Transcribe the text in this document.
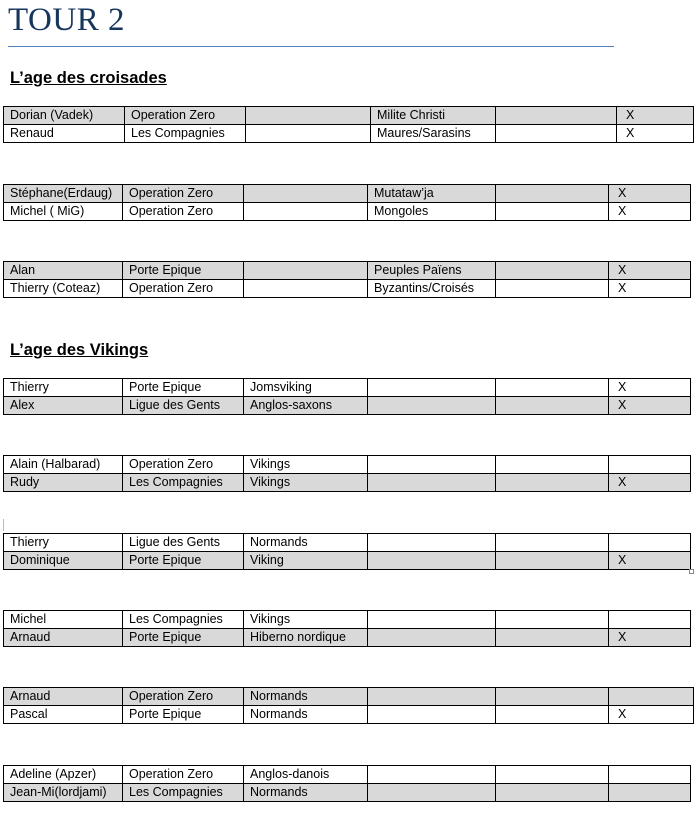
TOUR 2
L’age des croisades
L’age des Vikings
Dorian (Vadek)	Operation Zero		Milite Christi		X
Renaud	Les Compagnies		Maures/Sarasins		X
Stéphane(Erdaug)	Operation Zero		Mutataw’ja		X
Michel ( MiG)	Operation Zero		Mongoles		X
Alan	Porte Epique		Peuples Païens		X
Thierry (Coteaz)	Operation Zero		Byzantins/Croisés		X
Thierry	Porte Epique	Jomsviking			X
Alex	Ligue des Gents	Anglos-saxons			X
Alain (Halbarad)	Operation Zero	Vikings			
Rudy	Les Compagnies	Vikings			X
Thierry	Ligue des Gents	Normands			
Dominique	Porte Epique	Viking			X
Michel	Les Compagnies	Vikings			
Arnaud	Porte Epique	Hiberno nordique			X
Arnaud	Operation Zero	Normands			
Pascal	Porte Epique	Normands			X
Adeline (Apzer)	Operation Zero	Anglos-danois			
Jean-Mi(lordjami)	Les Compagnies	Normands			
